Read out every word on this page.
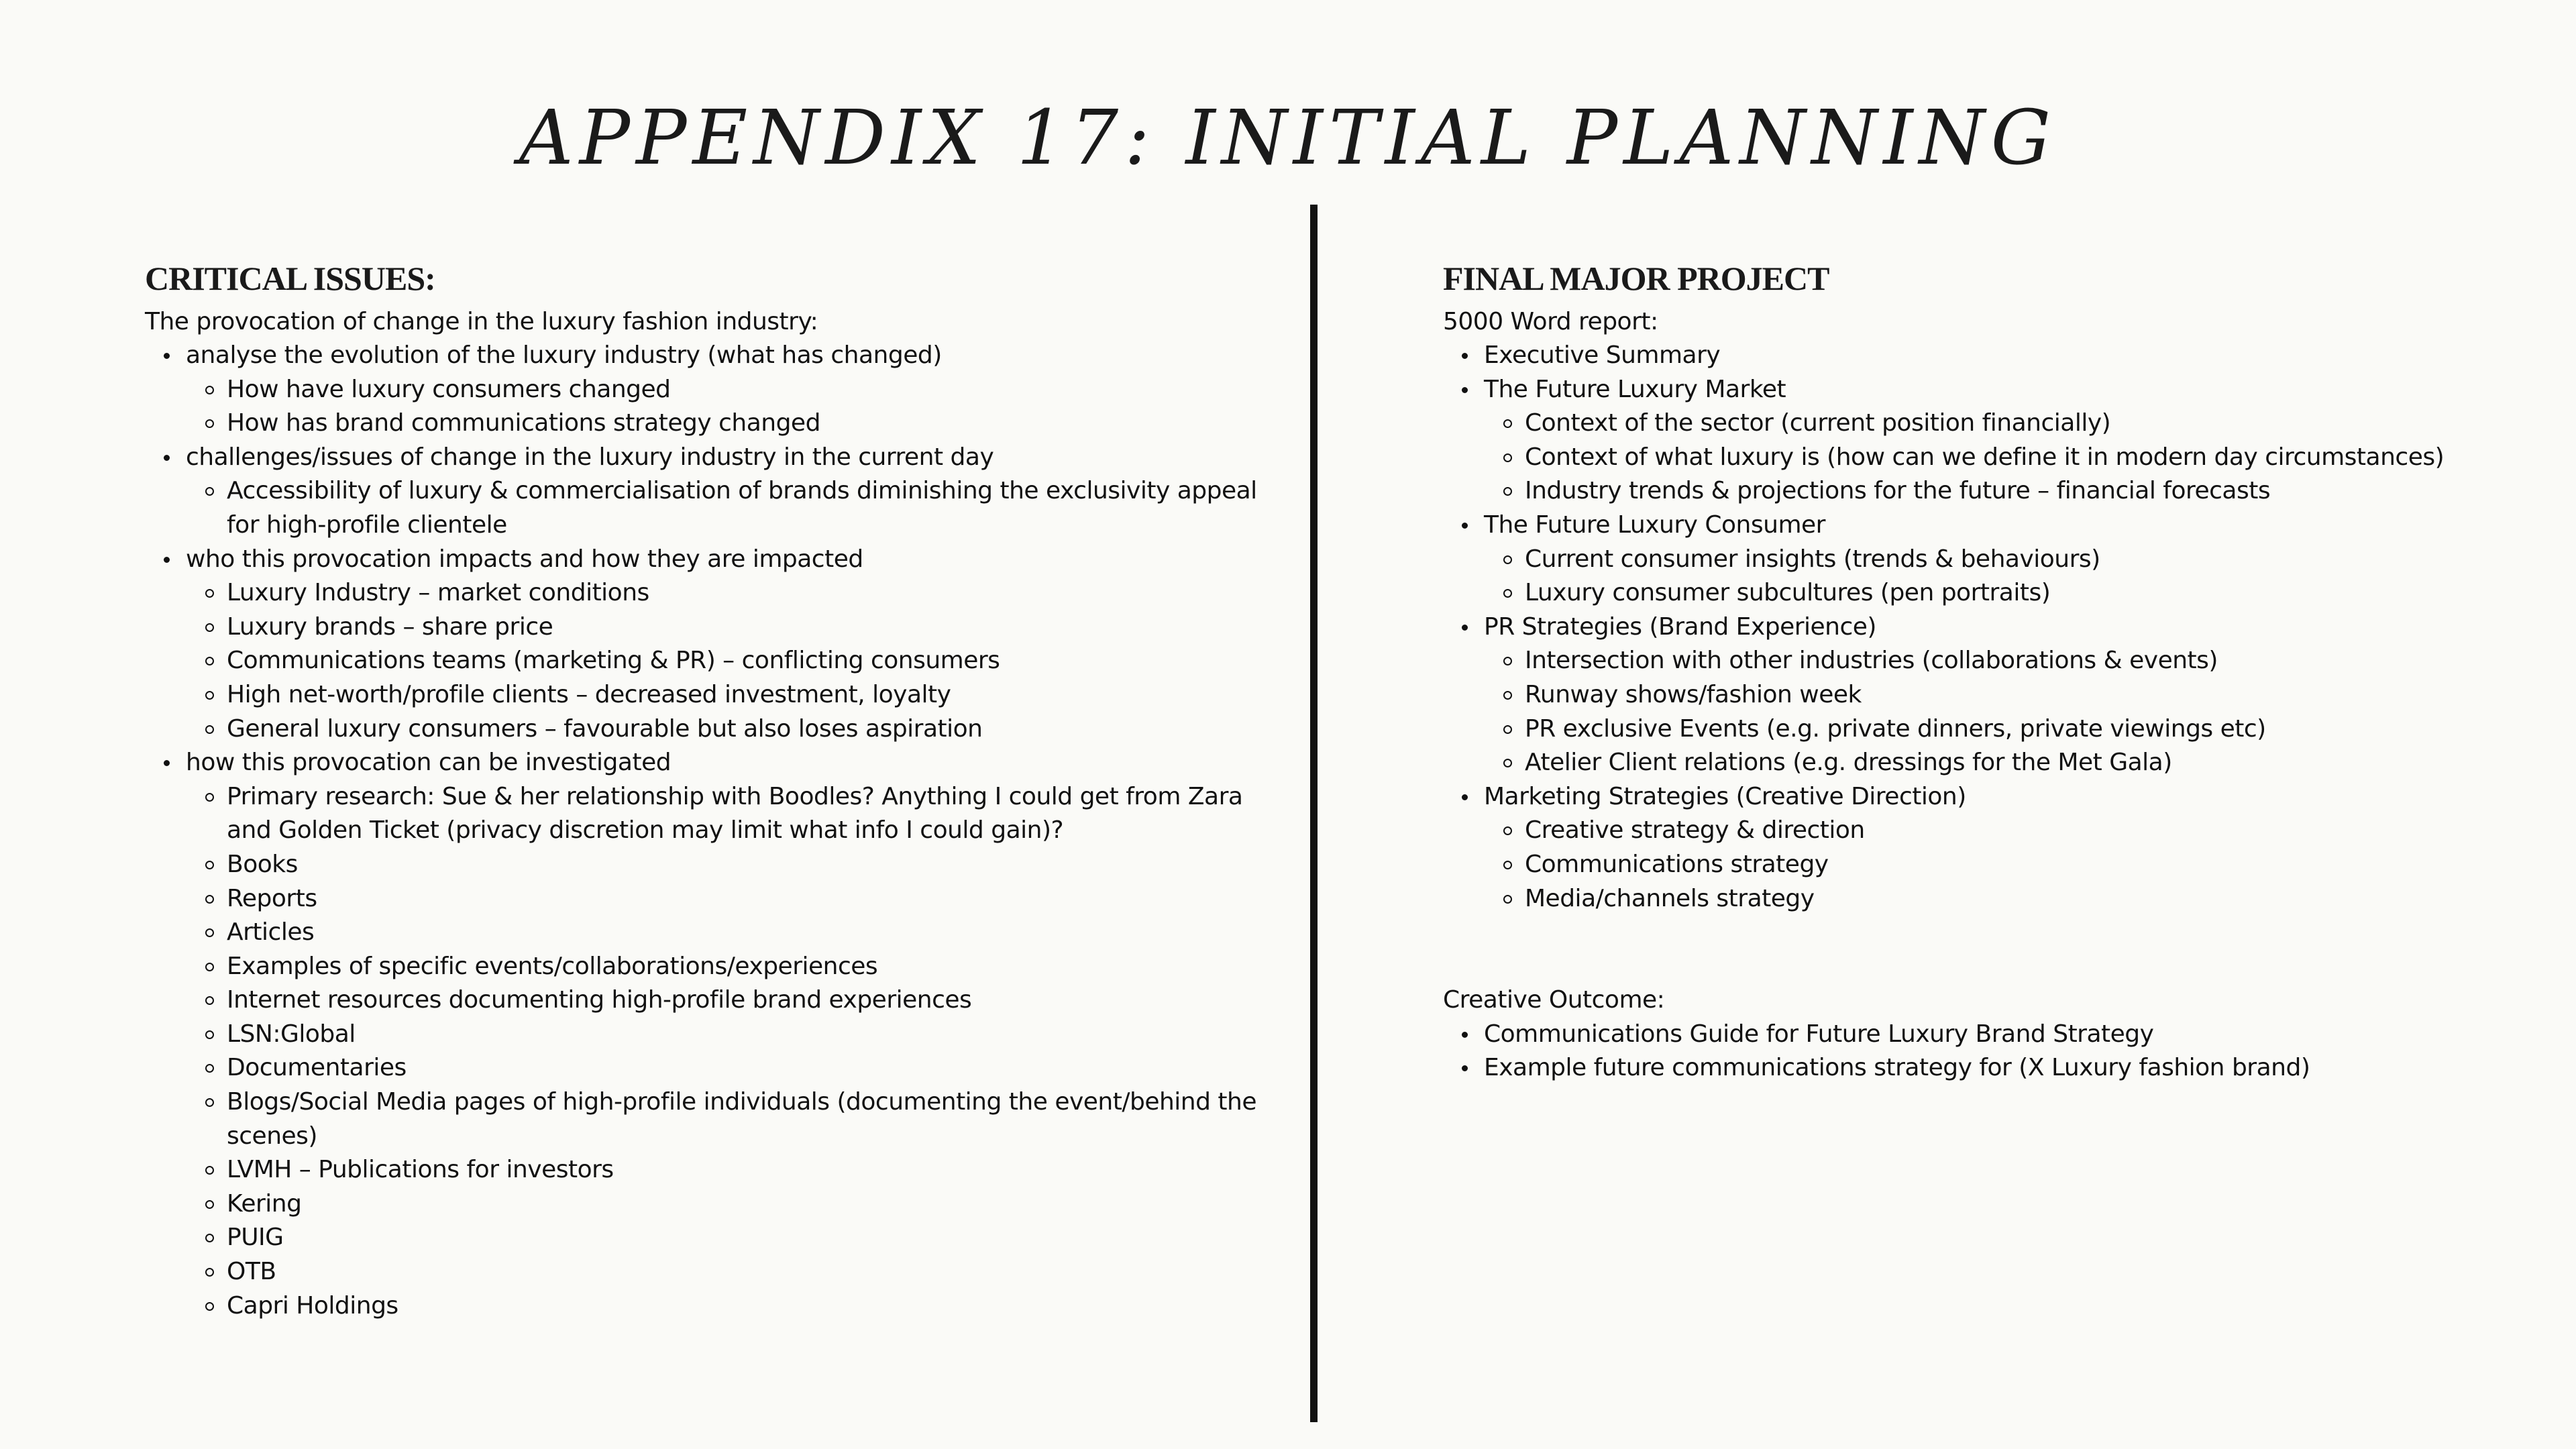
APPENDIX 17: INITIAL PLANNING
CRITICAL ISSUES:
The provocation of change in the luxury fashion industry:
analyse the evolution of the luxury industry (what has changed)
How have luxury consumers changed
How has brand communications strategy changed
challenges/issues of change in the luxury industry in the current day
Accessibility of luxury & commercialisation of brands diminishing the exclusivity appeal for high-profile clientele
who this provocation impacts and how they are impacted
Luxury Industry – market conditions
Luxury brands – share price
Communications teams (marketing & PR) – conflicting consumers
High net-worth/profile clients – decreased investment, loyalty
General luxury consumers – favourable but also loses aspiration
how this provocation can be investigated
Primary research: Sue & her relationship with Boodles? Anything I could get from Zara and Golden Ticket (privacy discretion may limit what info I could gain)?
Books
Reports
Articles
Examples of specific events/collaborations/experiences
Internet resources documenting high-profile brand experiences
LSN:Global
Documentaries
Blogs/Social Media pages of high-profile individuals (documenting the event/behind the scenes)
LVMH – Publications for investors
Kering
PUIG
OTB
Capri Holdings
FINAL MAJOR PROJECT
5000 Word report:
Executive Summary
The Future Luxury Market
Context of the sector (current position financially)
Context of what luxury is (how can we define it in modern day circumstances)
Industry trends & projections for the future – financial forecasts
The Future Luxury Consumer
Current consumer insights (trends & behaviours)
Luxury consumer subcultures (pen portraits)
PR Strategies (Brand Experience)
Intersection with other industries (collaborations & events)
Runway shows/fashion week
PR exclusive Events (e.g. private dinners, private viewings etc)
Atelier Client relations (e.g. dressings for the Met Gala)
Marketing Strategies (Creative Direction)
Creative strategy & direction
Communications strategy
Media/channels strategy
Creative Outcome:
Communications Guide for Future Luxury Brand Strategy
Example future communications strategy for (X Luxury fashion brand)
